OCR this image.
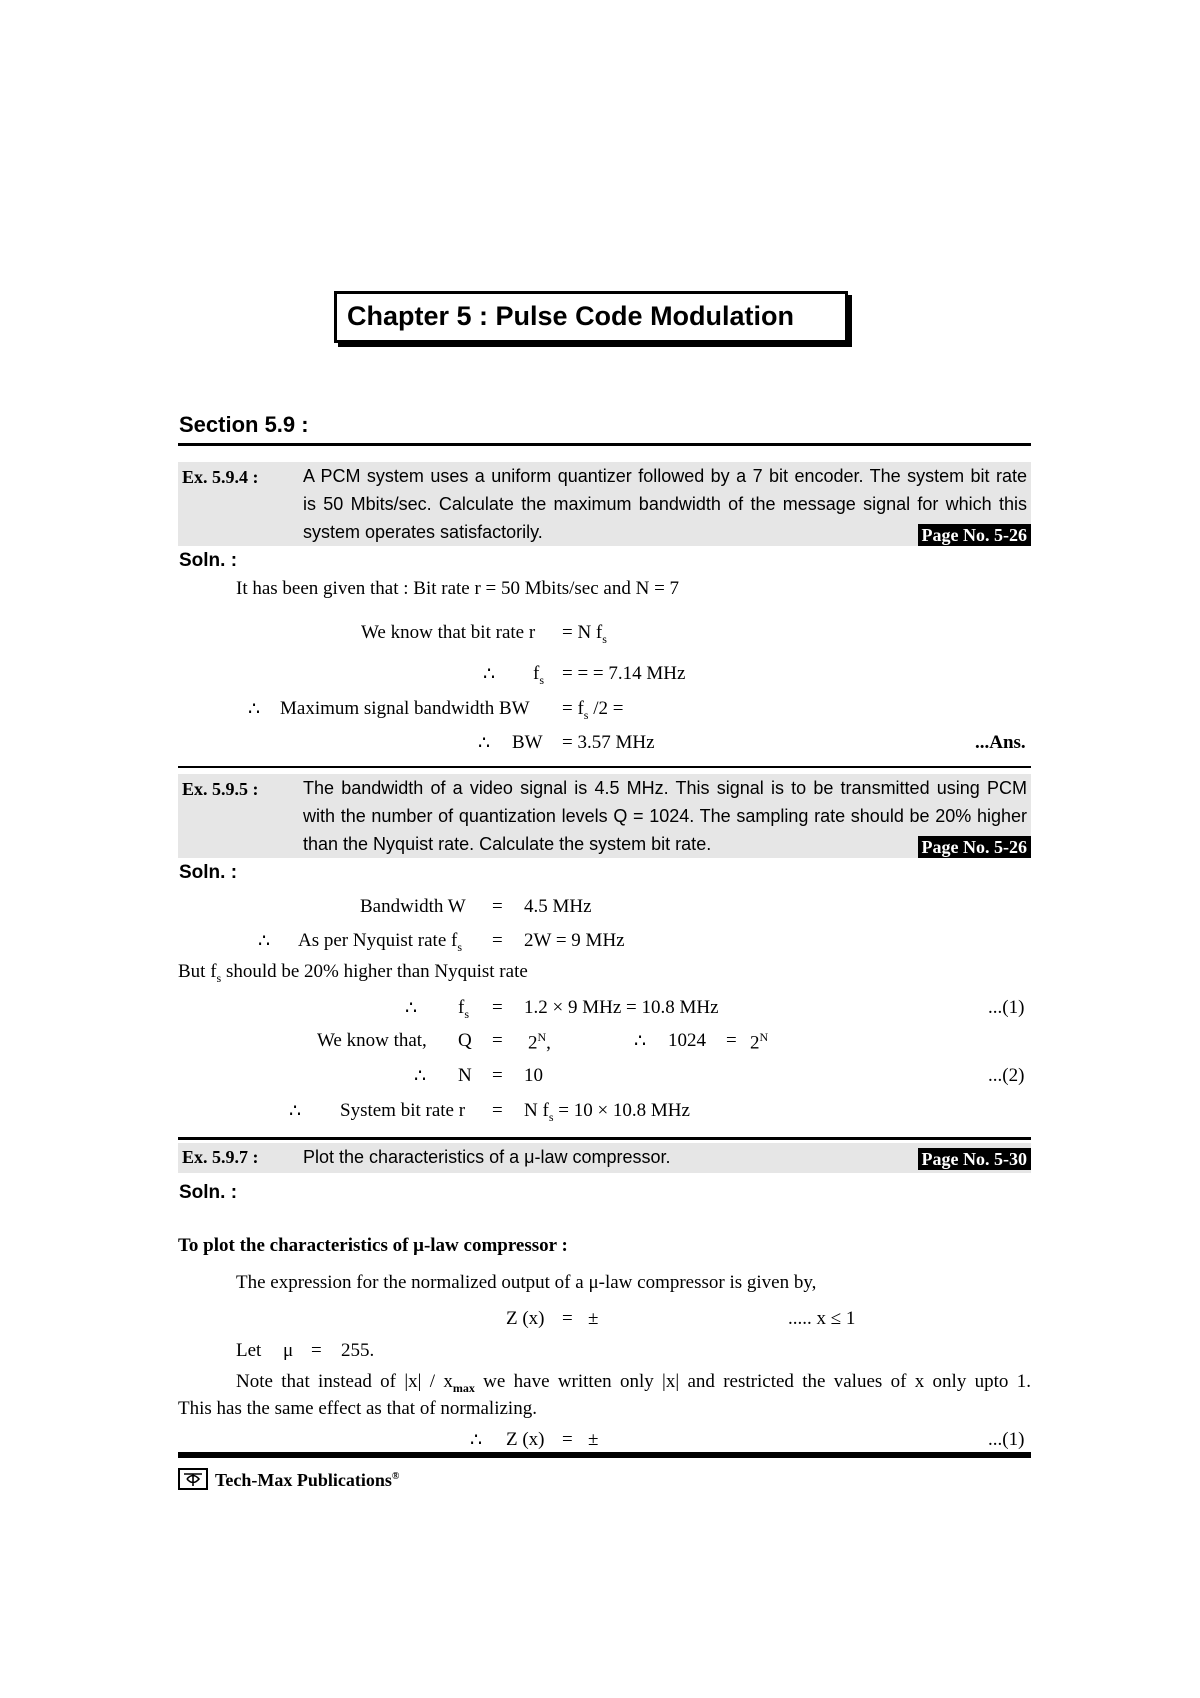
Chapter 5 : Pulse Code Modulation
Section 5.9 :
Ex. 5.9.4 : A PCM system uses a uniform quantizer followed by a 7 bit encoder. The system bit rate
is 50 Mbits/sec. Calculate the maximum bandwidth of the message signal for which this
system operates satisfactorily.	Page No. 5-26
Soln. :
It has been given that : Bit rate r = 50 Mbits/sec and N = 7
We know that bit rate r = N $f_s$
∴ $f_s$ = = = 7.14 MHz
∴ Maximum signal bandwidth BW = $f_s$ /2 =
∴ BW = 3.57 MHz	...Ans.
Ex. 5.9.5 : The bandwidth of a video signal is 4.5 MHz. This signal is to be transmitted using PCM
with the number of quantization levels Q = 1024. The sampling rate should be 20% higher
than the Nyquist rate. Calculate the system bit rate.	Page No. 5-26
Soln. :
Bandwidth W = 4.5 MHz
∴ As per Nyquist rate $f_s = 2W = 9$ MHz
But $f_s$ should be 20% higher than Nyquist rate
∴ $f_s = 1.2 \times 9$ MHz = 10.8 MHz	...(1)
We know that, $Q = 2^N$,	∴ $1024 = 2^N$
∴ N = 10	...(2)
∴ System bit rate r = N $f_s = 10 \times 10.8$ MHz
Ex. 5.9.7 : Plot the characteristics of a μ-law compressor.	Page No. 5-30
Soln. :
To plot the characteristics of μ-law compressor :
The expression for the normalized output of a μ-law compressor is given by,
Z (x) = ±	..... x ≤ 1
Let μ = 255.
Note that instead of $|x| / x_{max}$ we have written only |x| and restricted the values of x only upto 1.
This has the same effect as that of normalizing.
∴ Z (x) = ±	...(1)
Tech-Max Publications®
